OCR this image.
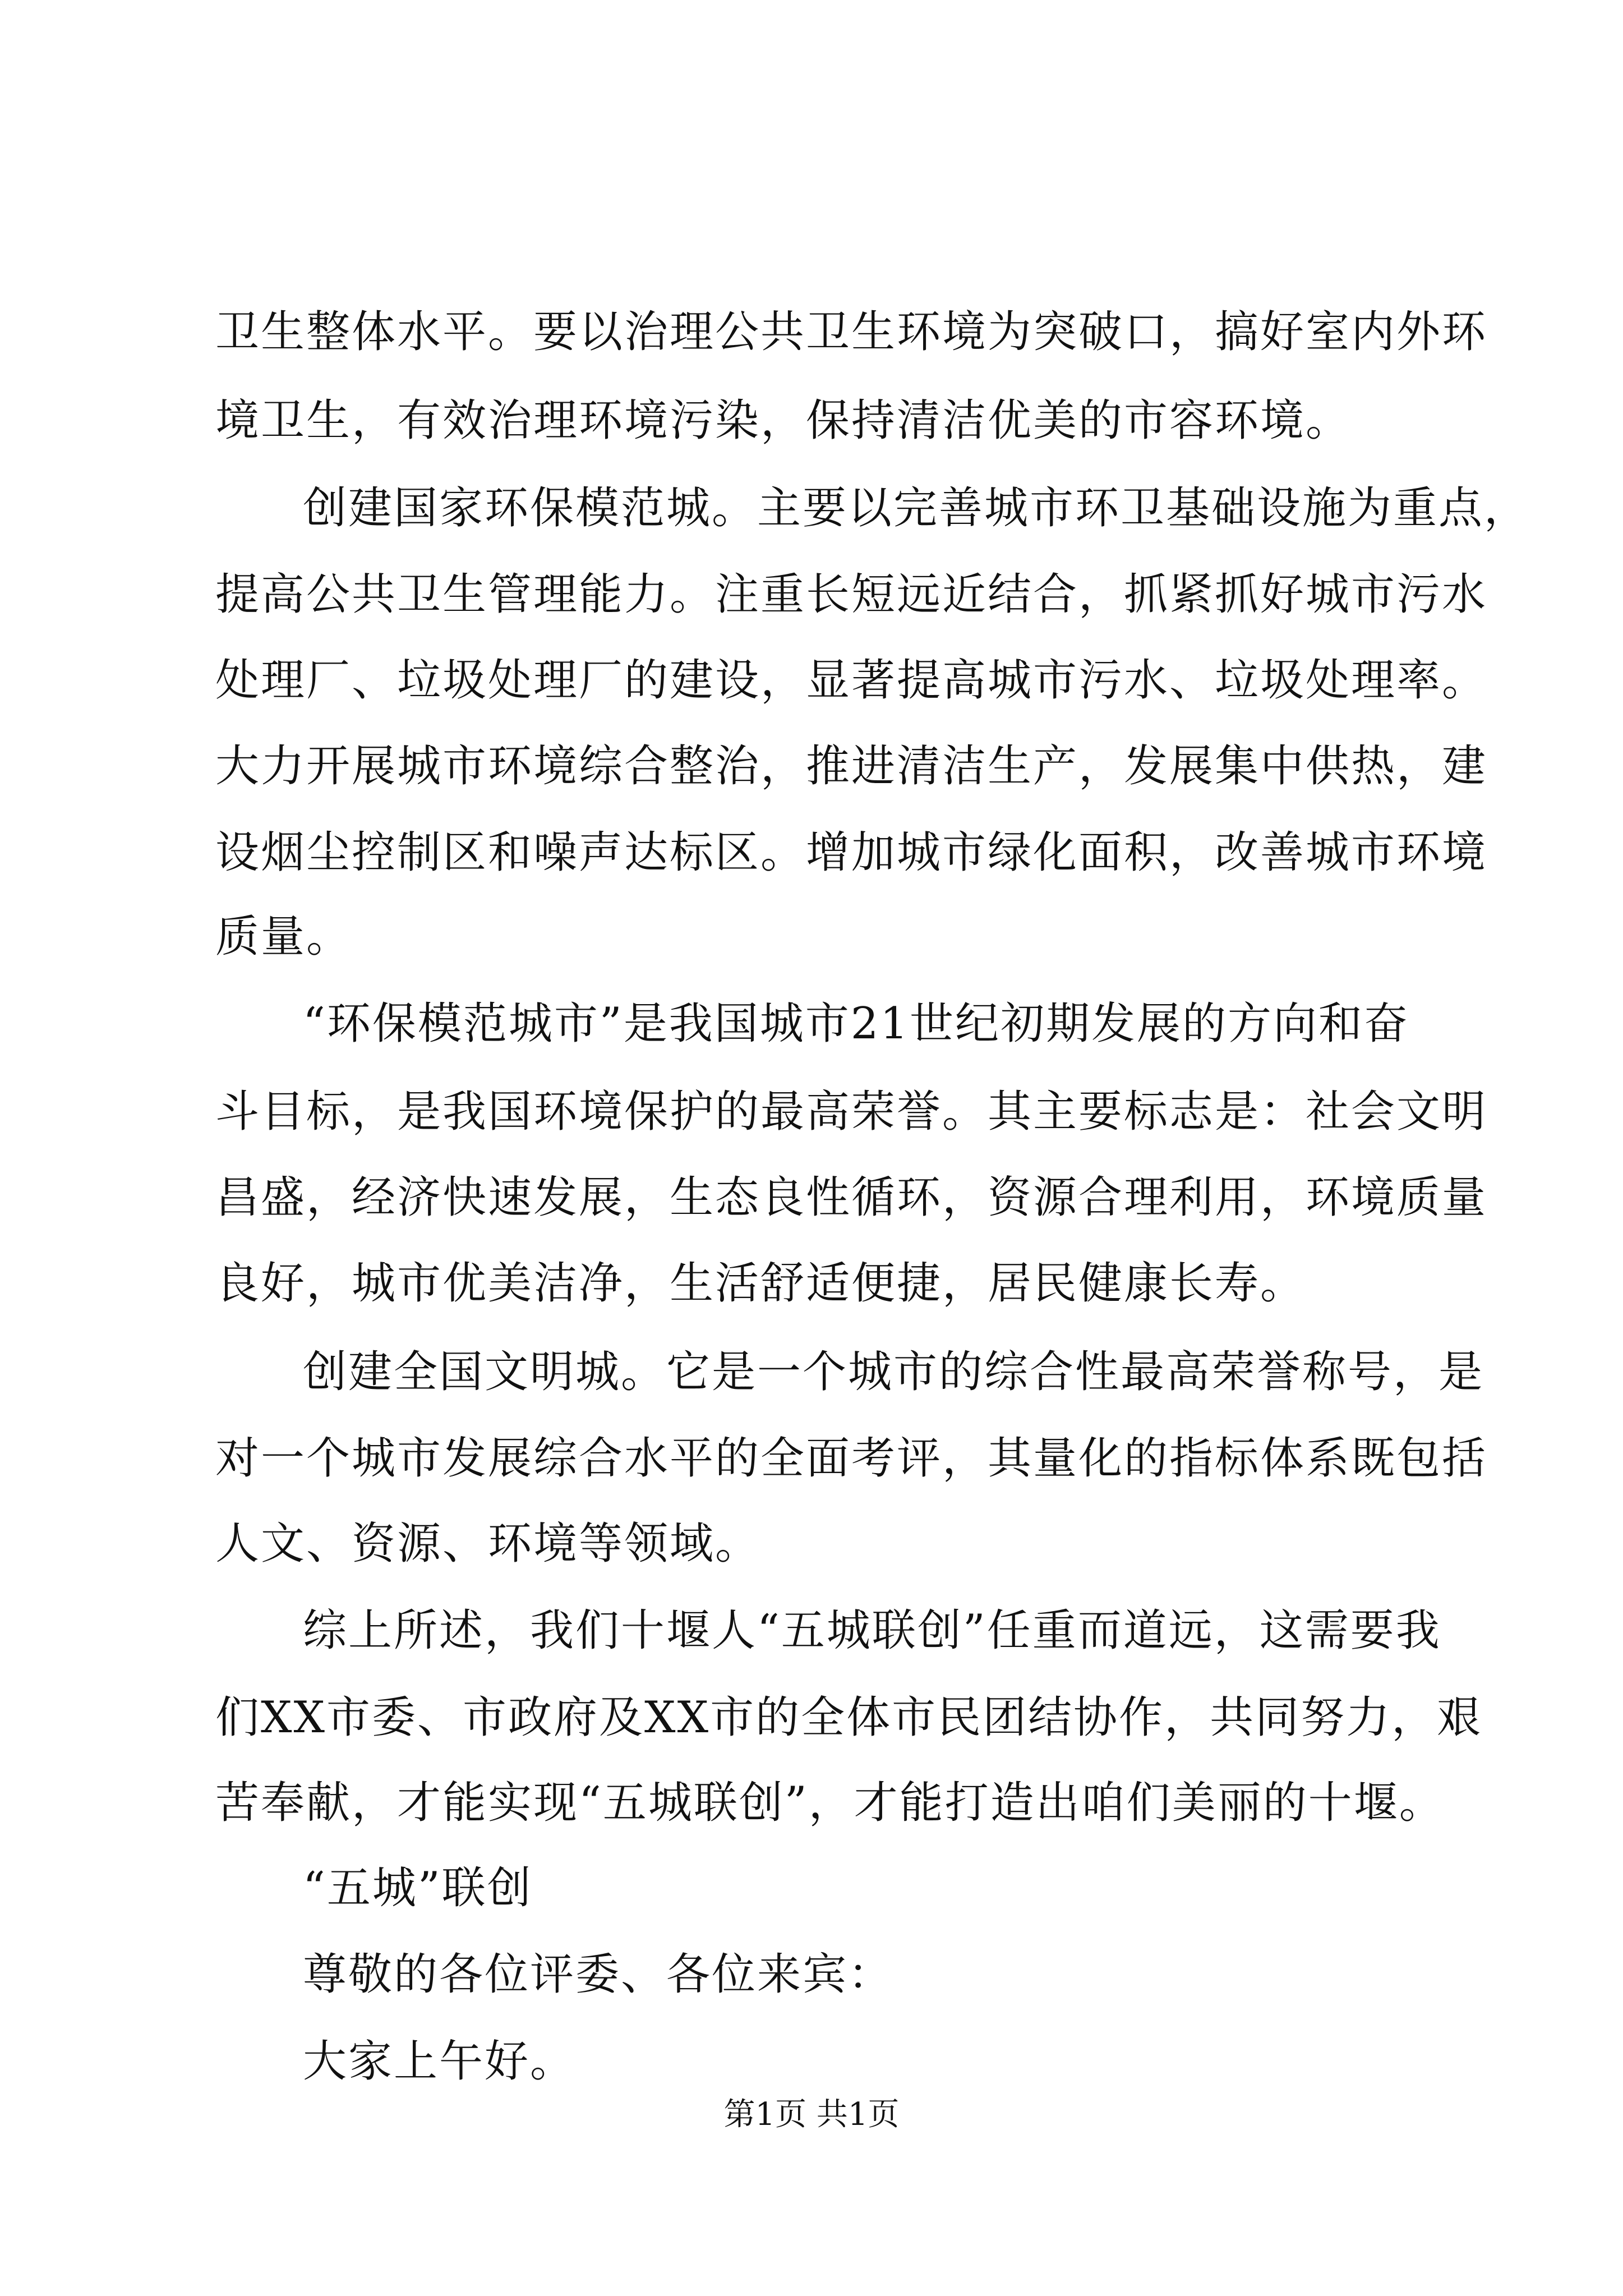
卫生整体水平。要以治理公共卫生环境为突破口，搞好室内外环
境卫生，有效治理环境污染，保持清洁优美的市容环境。
创建国家环保模范城。主要以完善城市环卫基础设施为重点，
提高公共卫生管理能力。注重长短远近结合，抓紧抓好城市污水
处理厂、垃圾处理厂的建设，显著提高城市污水、垃圾处理率。
大力开展城市环境综合整治，推进清洁生产，发展集中供热，建
设烟尘控制区和噪声达标区。增加城市绿化面积，改善城市环境
质量。
“环保模范城市”是我国城市21世纪初期发展的方向和奋
斗目标，是我国环境保护的最高荣誉。其主要标志是：社会文明
昌盛，经济快速发展，生态良性循环，资源合理利用，环境质量
良好，城市优美洁净，生活舒适便捷，居民健康长寿。
创建全国文明城。它是一个城市的综合性最高荣誉称号，是
对一个城市发展综合水平的全面考评，其量化的指标体系既包括
人文、资源、环境等领域。
综上所述，我们十堰人“五城联创”任重而道远，这需要我
们XX市委、市政府及XX市的全体市民团结协作，共同努力，艰
苦奉献，才能实现“五城联创”，才能打造出咱们美丽的十堰。
“五城”联创
尊敬的各位评委、各位来宾：
大家上午好。
第1页 共1页
